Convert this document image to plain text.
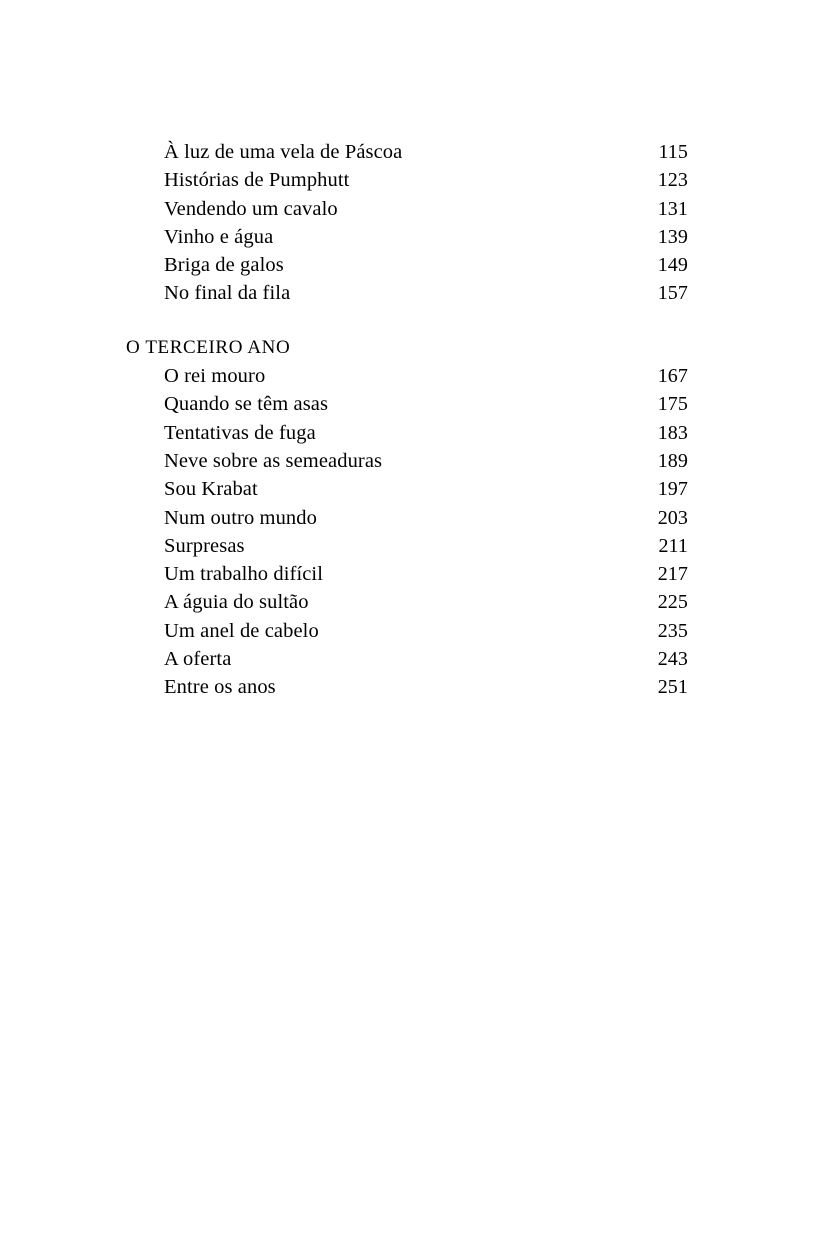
À luz de uma vela de Páscoa	115
Histórias de Pumphutt	123
Vendendo um cavalo	131
Vinho e água	139
Briga de galos	149
No final da fila	157
O TERCEIRO ANO
O rei mouro	167
Quando se têm asas	175
Tentativas de fuga	183
Neve sobre as semeaduras	189
Sou Krabat	197
Num outro mundo	203
Surpresas	211
Um trabalho difícil	217
A águia do sultão	225
Um anel de cabelo	235
A oferta	243
Entre os anos	251
